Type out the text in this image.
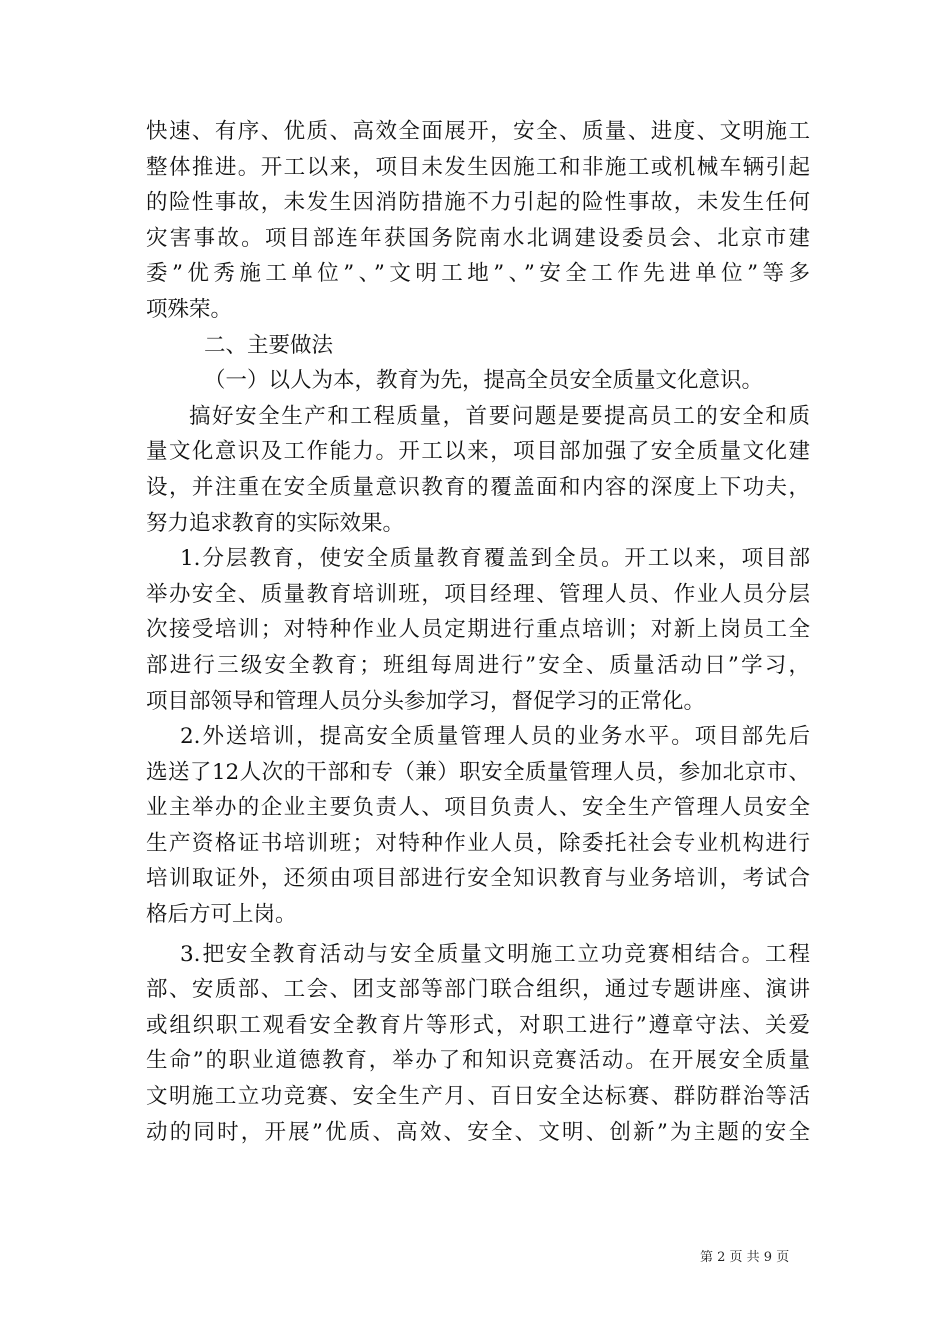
快速、有序、优质、高效全面展开，安全、质量、进度、文明施工
整体推进。开工以来，项目未发生因施工和非施工或机械车辆引起
的险性事故，未发生因消防措施不力引起的险性事故，未发生任何
灾害事故。项目部连年获国务院南水北调建设委员会、北京市建
委”优秀施工单位”、”文明工地”、”安全工作先进单位”等多
项殊荣。
二、主要做法
（一）以人为本，教育为先，提高全员安全质量文化意识。
搞好安全生产和工程质量，首要问题是要提高员工的安全和质
量文化意识及工作能力。开工以来，项目部加强了安全质量文化建
设，并注重在安全质量意识教育的覆盖面和内容的深度上下功夫，
努力追求教育的实际效果。
1.分层教育，使安全质量教育覆盖到全员。开工以来，项目部
举办安全、质量教育培训班，项目经理、管理人员、作业人员分层
次接受培训；对特种作业人员定期进行重点培训；对新上岗员工全
部进行三级安全教育；班组每周进行”安全、质量活动日”学习，
项目部领导和管理人员分头参加学习，督促学习的正常化。
2.外送培训，提高安全质量管理人员的业务水平。项目部先后
选送了12人次的干部和专（兼）职安全质量管理人员，参加北京市、
业主举办的企业主要负责人、项目负责人、安全生产管理人员安全
生产资格证书培训班；对特种作业人员，除委托社会专业机构进行
培训取证外，还须由项目部进行安全知识教育与业务培训，考试合
格后方可上岗。
3.把安全教育活动与安全质量文明施工立功竞赛相结合。工程
部、安质部、工会、团支部等部门联合组织，通过专题讲座、演讲
或组织职工观看安全教育片等形式，对职工进行”遵章守法、关爱
生命”的职业道德教育，举办了和知识竞赛活动。在开展安全质量
文明施工立功竞赛、安全生产月、百日安全达标赛、群防群治等活
动的同时，开展”优质、高效、安全、文明、创新”为主题的安全
第 2 页 共 9 页
